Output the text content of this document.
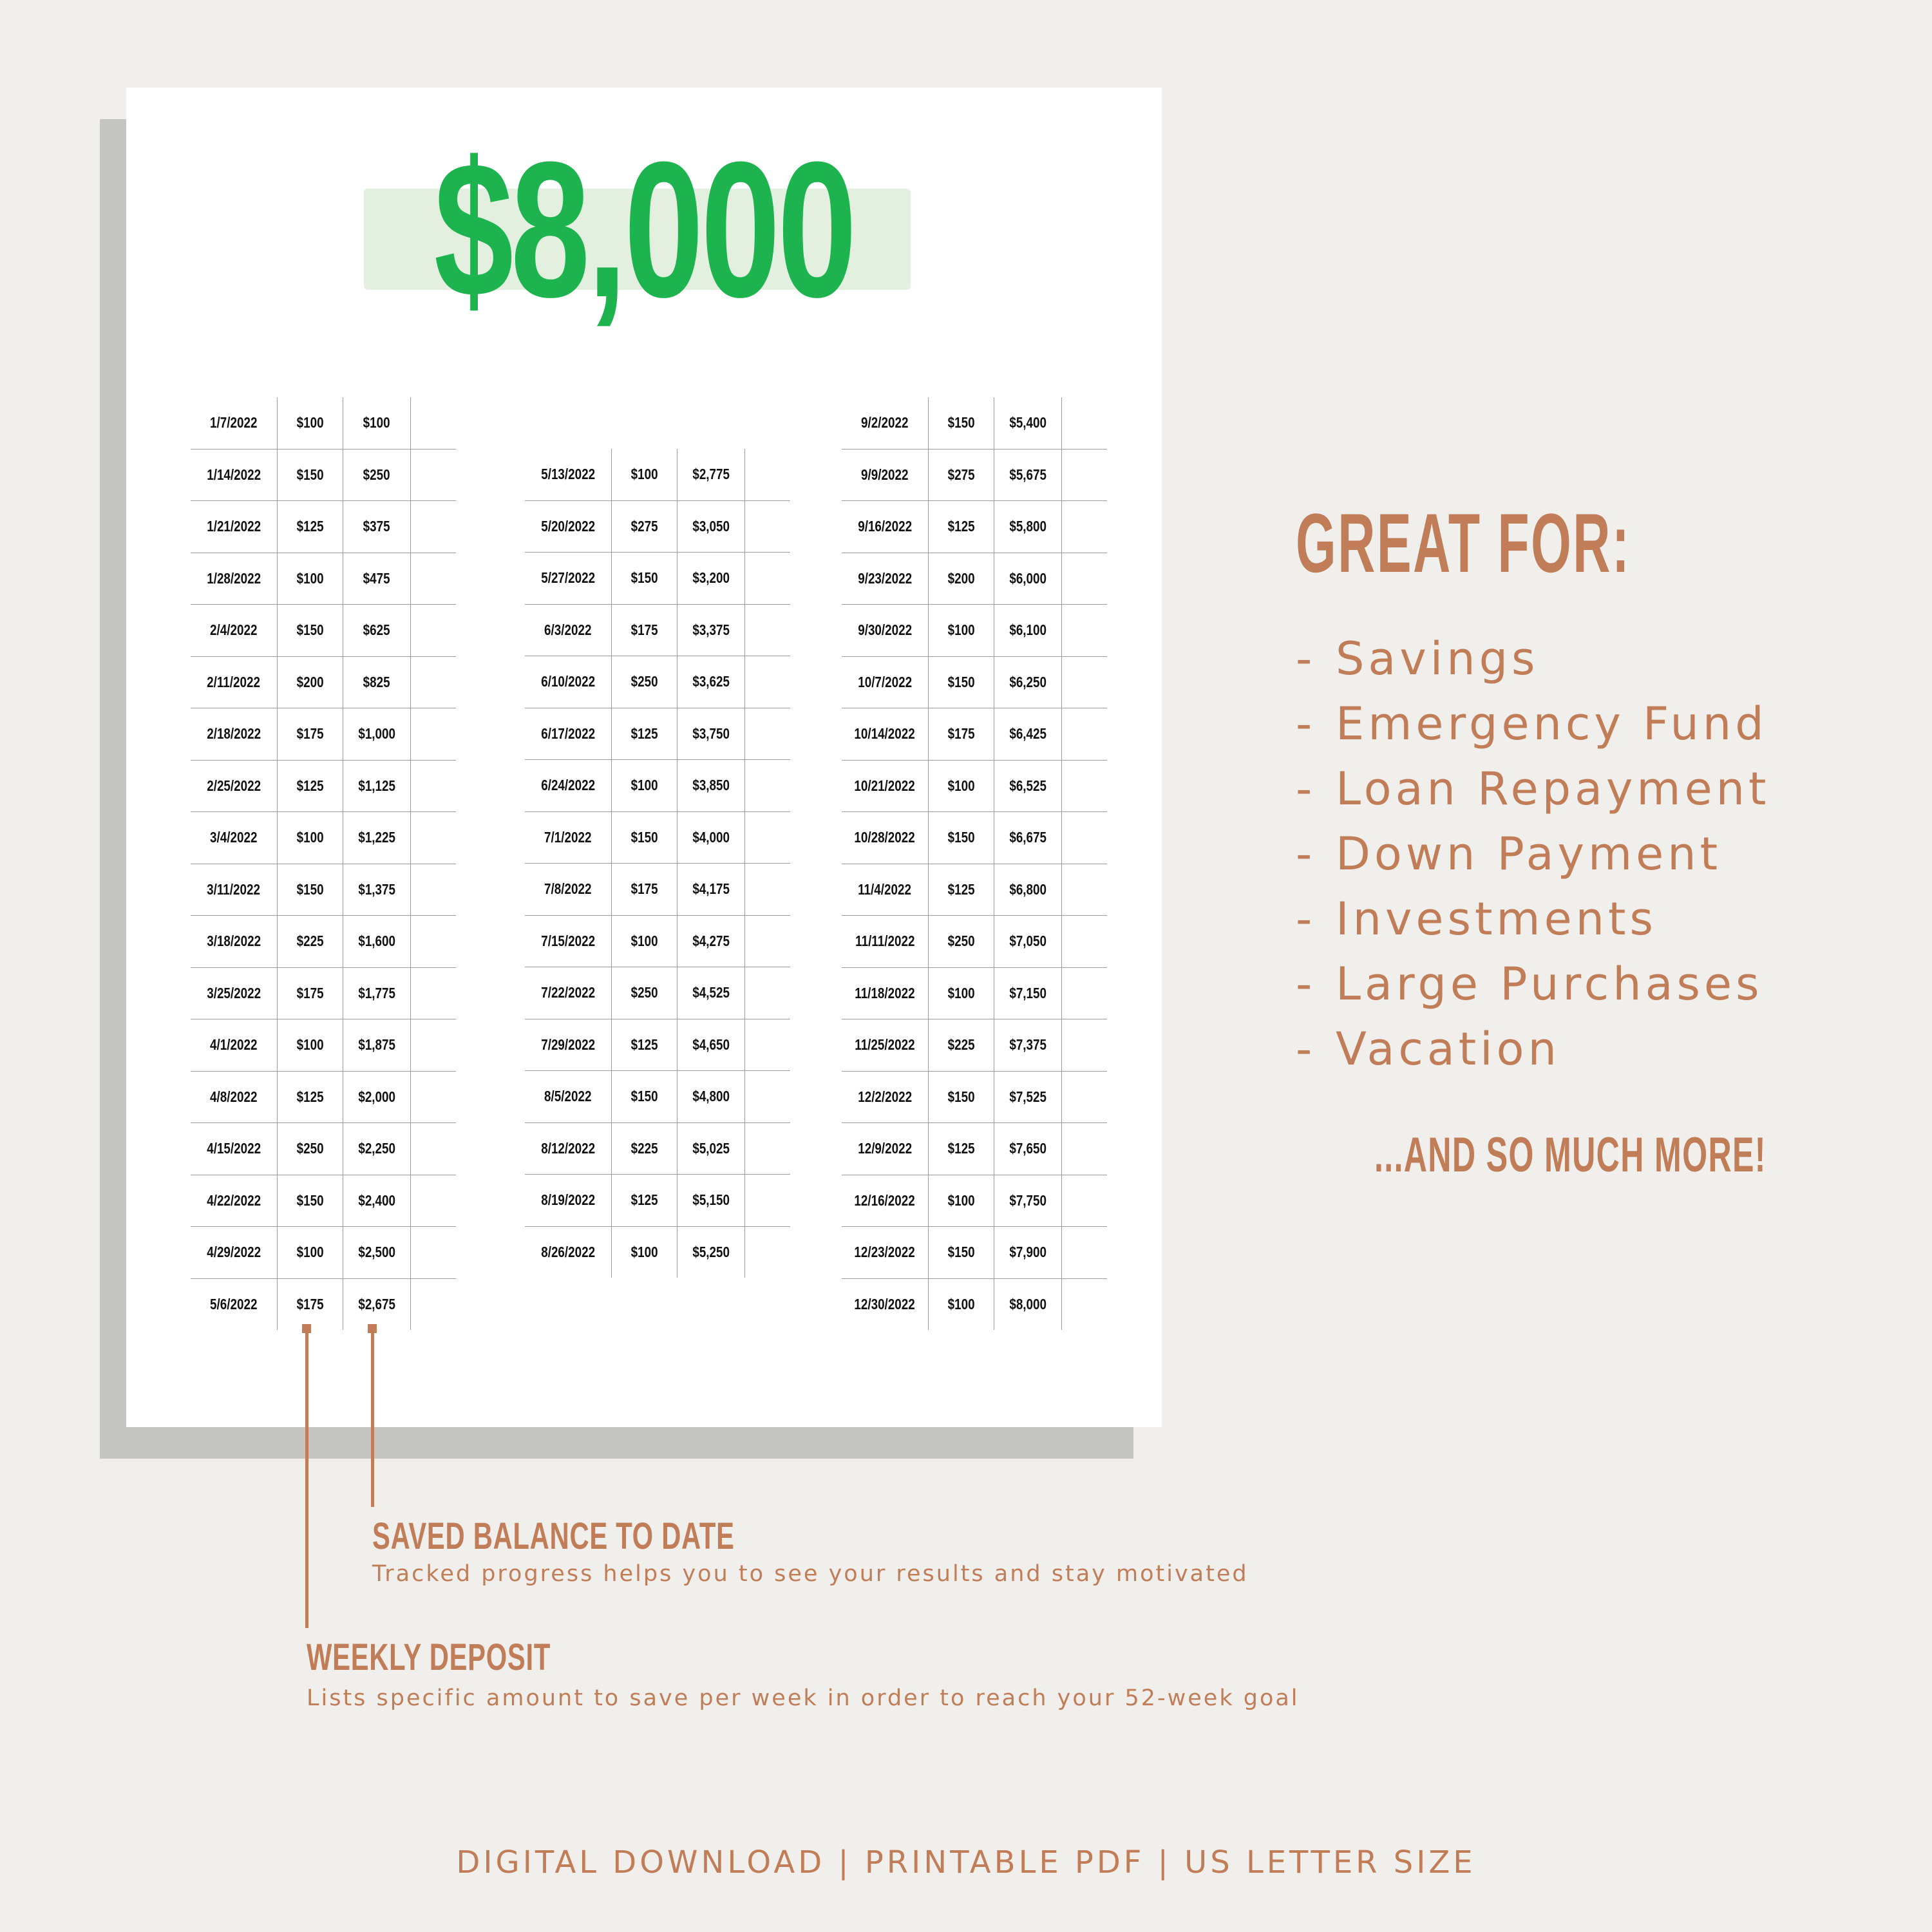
$8,000
1/7/2022	$100	$100	
1/14/2022	$150	$250	
1/21/2022	$125	$375	
1/28/2022	$100	$475	
2/4/2022	$150	$625	
2/11/2022	$200	$825	
2/18/2022	$175	$1,000	
2/25/2022	$125	$1,125	
3/4/2022	$100	$1,225	
3/11/2022	$150	$1,375	
3/18/2022	$225	$1,600	
3/25/2022	$175	$1,775	
4/1/2022	$100	$1,875	
4/8/2022	$125	$2,000	
4/15/2022	$250	$2,250	
4/22/2022	$150	$2,400	
4/29/2022	$100	$2,500	
5/6/2022	$175	$2,675	
5/13/2022	$100	$2,775	
5/20/2022	$275	$3,050	
5/27/2022	$150	$3,200	
6/3/2022	$175	$3,375	
6/10/2022	$250	$3,625	
6/17/2022	$125	$3,750	
6/24/2022	$100	$3,850	
7/1/2022	$150	$4,000	
7/8/2022	$175	$4,175	
7/15/2022	$100	$4,275	
7/22/2022	$250	$4,525	
7/29/2022	$125	$4,650	
8/5/2022	$150	$4,800	
8/12/2022	$225	$5,025	
8/19/2022	$125	$5,150	
8/26/2022	$100	$5,250	
9/2/2022	$150	$5,400	
9/9/2022	$275	$5,675	
9/16/2022	$125	$5,800	
9/23/2022	$200	$6,000	
9/30/2022	$100	$6,100	
10/7/2022	$150	$6,250	
10/14/2022	$175	$6,425	
10/21/2022	$100	$6,525	
10/28/2022	$150	$6,675	
11/4/2022	$125	$6,800	
11/11/2022	$250	$7,050	
11/18/2022	$100	$7,150	
11/25/2022	$225	$7,375	
12/2/2022	$150	$7,525	
12/9/2022	$125	$7,650	
12/16/2022	$100	$7,750	
12/23/2022	$150	$7,900	
12/30/2022	$100	$8,000	
SAVED BALANCE TO DATE
Tracked progress helps you to see your results and stay motivated
WEEKLY DEPOSIT
Lists specific amount to save per week in order to reach your 52-week goal
GREAT FOR:
- Savings
- Emergency Fund
- Loan Repayment
- Down Payment
- Investments
- Large Purchases
- Vacation
...AND SO MUCH MORE!
DIGITAL DOWNLOAD | PRINTABLE PDF | US LETTER SIZE
